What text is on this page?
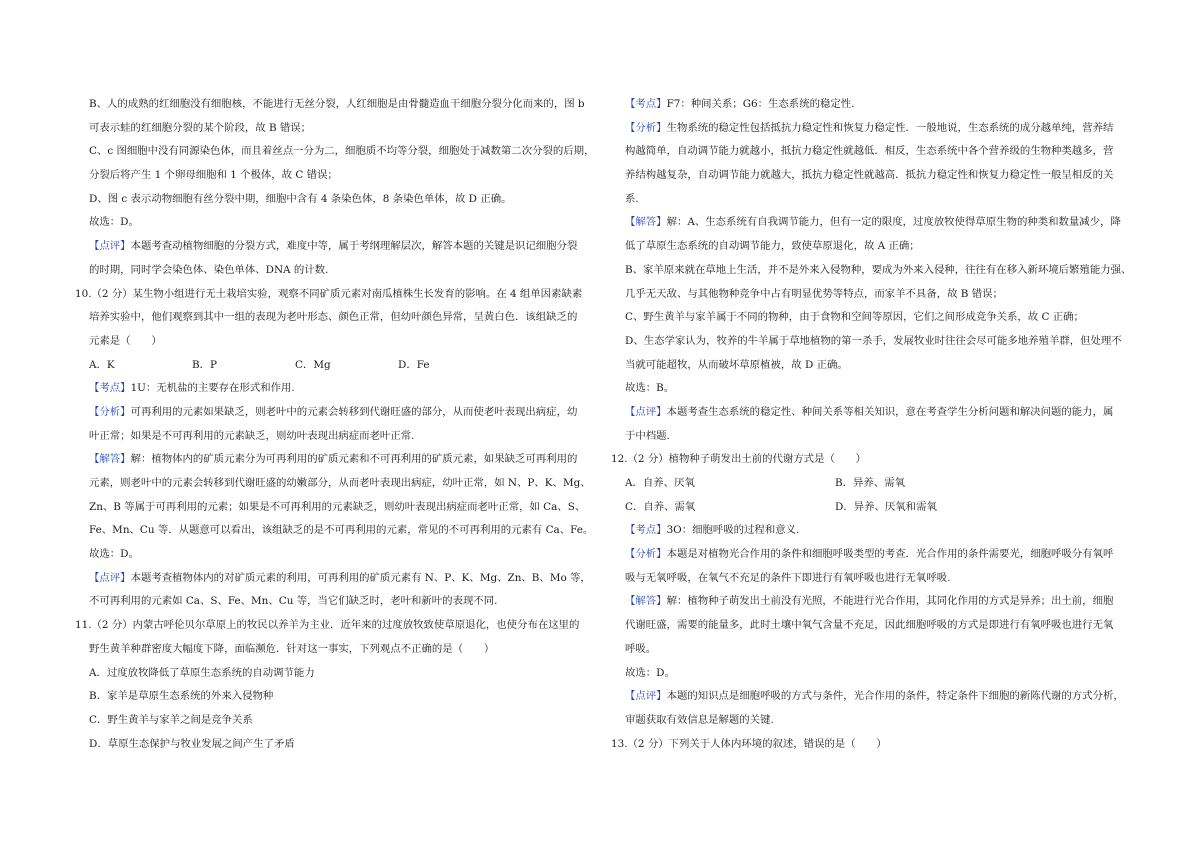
B、人的成熟的红细胞没有细胞核，不能进行无丝分裂，人红细胞是由骨髓造血干细胞分裂分化而来的，图 b
可表示蛙的红细胞分裂的某个阶段，故 B 错误；
C、c 图细胞中没有同源染色体，而且着丝点一分为二，细胞质不均等分裂，细胞处于减数第二次分裂的后期，
分裂后将产生 1 个卵母细胞和 1 个极体，故 C 错误；
D、图 c 表示动物细胞有丝分裂中期，细胞中含有 4 条染色体，8 条染色单体，故 D 正确。
故选：D。
【点评】本题考查动植物细胞的分裂方式，难度中等，属于考纲理解层次，解答本题的关键是识记细胞分裂
的时期，同时学会染色体、染色单体、DNA 的计数.
10.（2 分）某生物小组进行无土栽培实验，观察不同矿质元素对南瓜植株生长发育的影响。在 4 组单因素缺素
培养实验中，他们观察到其中一组的表现为老叶形态、颜色正常，但幼叶颜色异常，呈黄白色．该组缺乏的
元素是（　　）
A．K	B．P	C．Mg	D．Fe
【考点】1U：无机盐的主要存在形式和作用.
【分析】可再利用的元素如果缺乏，则老叶中的元素会转移到代谢旺盛的部分，从而使老叶表现出病症，幼
叶正常；如果是不可再利用的元素缺乏，则幼叶表现出病症而老叶正常.
【解答】解：植物体内的矿质元素分为可再利用的矿质元素和不可再利用的矿质元素，如果缺乏可再利用的
元素，则老叶中的元素会转移到代谢旺盛的幼嫩部分，从而老叶表现出病症，幼叶正常，如 N、P、K、Mg、
Zn、B 等属于可再利用的元素；如果是不可再利用的元素缺乏，则幼叶表现出病症而老叶正常，如 Ca、S、
Fe、Mn、Cu 等．从题意可以看出，该组缺乏的是不可再利用的元素，常见的不可再利用的元素有 Ca、Fe。
故选：D。
【点评】本题考查植物体内的对矿质元素的利用，可再利用的矿质元素有 N、P、K、Mg、Zn、B、Mo 等，
不可再利用的元素如 Ca、S、Fe、Mn、Cu 等，当它们缺乏时，老叶和新叶的表现不同.
11.（2 分）内蒙古呼伦贝尔草原上的牧民以养羊为主业．近年来的过度放牧致使草原退化，也使分布在这里的
野生黄羊种群密度大幅度下降，面临濒危．针对这一事实，下列观点不正确的是（　　）
A．过度放牧降低了草原生态系统的自动调节能力
B．家羊是草原生态系统的外来入侵物种
C．野生黄羊与家羊之间是竞争关系
D．草原生态保护与牧业发展之间产生了矛盾
【考点】F7：种间关系；G6：生态系统的稳定性.
【分析】生物系统的稳定性包括抵抗力稳定性和恢复力稳定性．一般地说，生态系统的成分越单纯，营养结
构越简单，自动调节能力就越小，抵抗力稳定性就越低．相反，生态系统中各个营养级的生物种类越多，营
养结构越复杂，自动调节能力就越大，抵抗力稳定性就越高．抵抗力稳定性和恢复力稳定性一般呈相反的关
系.
【解答】解：A、生态系统有自我调节能力，但有一定的限度，过度放牧使得草原生物的种类和数量减少，降
低了草原生态系统的自动调节能力，致使草原退化，故 A 正确；
B、家羊原来就在草地上生活，并不是外来入侵物种，要成为外来入侵种，往往有在移入新环境后繁殖能力强、
几乎无天敌、与其他物种竞争中占有明显优势等特点，而家羊不具备，故 B 错误；
C、野生黄羊与家羊属于不同的物种，由于食物和空间等原因，它们之间形成竞争关系，故 C 正确；
D、生态学家认为，牧养的牛羊属于草地植物的第一杀手，发展牧业时往往会尽可能多地养殖羊群，但处理不
当就可能超牧，从而破坏草原植被，故 D 正确。
故选：B。
【点评】本题考查生态系统的稳定性、种间关系等相关知识，意在考查学生分析问题和解决问题的能力，属
于中档题.
12.（2 分）植物种子萌发出土前的代谢方式是（　　）
A．自养、厌氧	B．异养、需氧
C．自养、需氧	D．异养、厌氧和需氧
【考点】3O：细胞呼吸的过程和意义.
【分析】本题是对植物光合作用的条件和细胞呼吸类型的考查．光合作用的条件需要光，细胞呼吸分有氧呼
吸与无氧呼吸，在氧气不充足的条件下即进行有氧呼吸也进行无氧呼吸.
【解答】解：植物种子萌发出土前没有光照，不能进行光合作用，其同化作用的方式是异养；出土前，细胞
代谢旺盛，需要的能量多，此时土壤中氧气含量不充足，因此细胞呼吸的方式是即进行有氧呼吸也进行无氧
呼吸。
故选：D。
【点评】本题的知识点是细胞呼吸的方式与条件，光合作用的条件，特定条件下细胞的新陈代谢的方式分析，
审题获取有效信息是解题的关键.
13.（2 分）下列关于人体内环境的叙述，错误的是（　　）
